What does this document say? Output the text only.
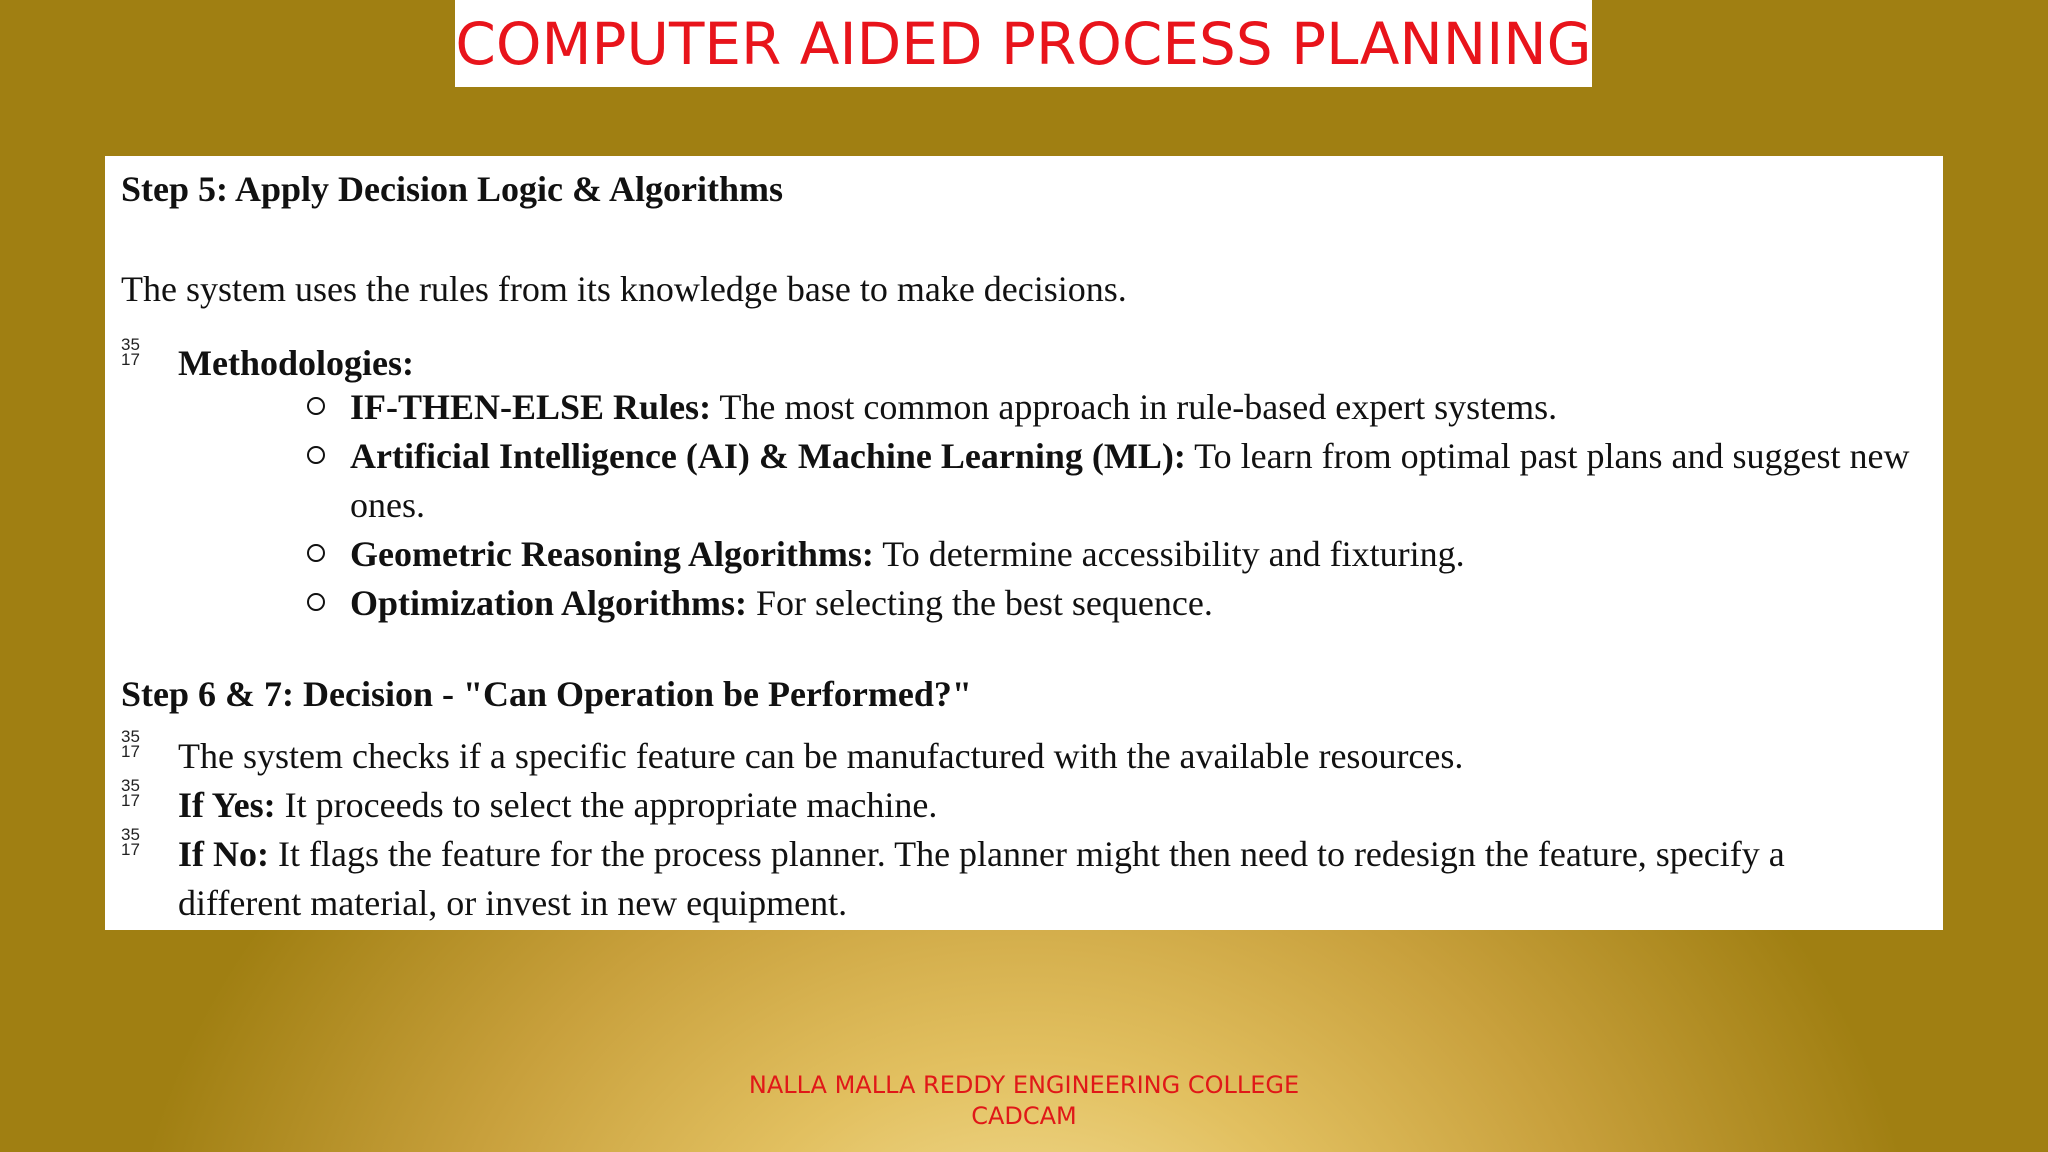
COMPUTER AIDED PROCESS PLANNING
Step 5: Apply Decision Logic & Algorithms
The system uses the rules from its knowledge base to make decisions.
35
17	Methodologies:
IF-THEN-ELSE Rules: The most common approach in rule-based expert systems.
Artificial Intelligence (AI) & Machine Learning (ML): To learn from optimal past plans and suggest new
ones.
Geometric Reasoning Algorithms: To determine accessibility and fixturing.
Optimization Algorithms: For selecting the best sequence.
Step 6 & 7: Decision - "Can Operation be Performed?"
35
17	The system checks if a specific feature can be manufactured with the available resources.
35
17	If Yes: It proceeds to select the appropriate machine.
35
17	If No: It flags the feature for the process planner. The planner might then need to redesign the feature, specify a
different material, or invest in new equipment.
NALLA MALLA REDDY ENGINEERING COLLEGE
CADCAM
